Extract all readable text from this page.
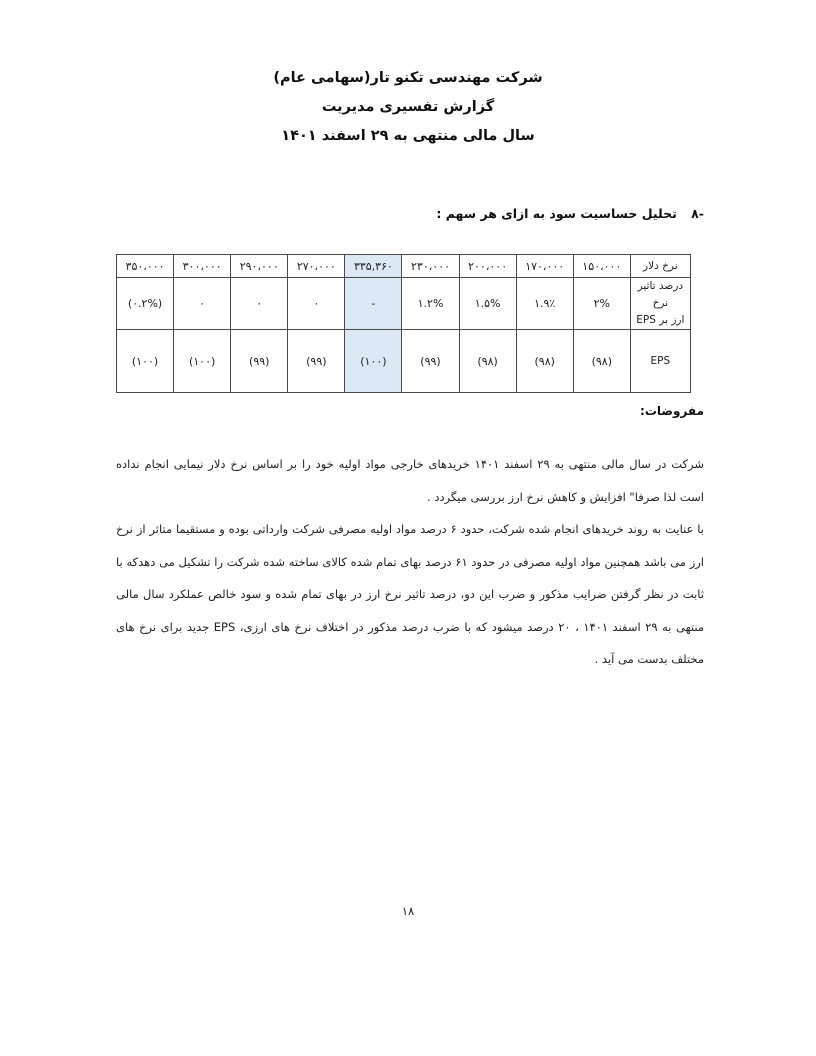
شرکت مهندسی تکنو تار(سهامی عام)
گزارش تفسیری مدیریت
سال مالی منتهی به ۲۹ اسفند ۱۴۰۱
-۸ تحلیل حساسیت سود به ازای هر سهم :
نرخ دلار	۱۵۰،۰۰۰	۱۷۰،۰۰۰	۲۰۰،۰۰۰	۲۳۰،۰۰۰	۳۳۵,۳۶۰	۲۷۰،۰۰۰	۲۹۰،۰۰۰	۳۰۰،۰۰۰	۳۵۰،۰۰۰

درصد تاثیر نرخ
ارز بر EPS	۲%	۱.۹٪	۱.۵%	۱.۲%	-	۰	۰	۰	(۰.۲%)
EPS	(۹۸)	(۹۸)	(۹۸)	(۹۹)	(۱۰۰)	(۹۹)	(۹۹)	(۱۰۰)	(۱۰۰)
مفروضات:

شرکت در سال مالی منتهی به ۲۹ اسفند ۱۴۰۱ خریدهای خارجی مواد اولیه خود را بر اساس نرخ دلار نیمایی انجام نداده است لذا صرفا" افزایش و کاهش نرخ ارز بررسی میگردد .

با عنایت به روند خریدهای انجام شده شرکت، حدود ۶ درصد مواد اولیه مصرفی شرکت وارداتی بوده و مستقیما متاثر از نرخ ارز می باشد همچنین مواد اولیه مصرفی در حدود ۶۱ درصد بهای تمام شده کالای ساخته شده شرکت را تشکیل می دهدکه با ثابت در نظر گرفتن ضرایب مذکور و ضرب این دو، درصد تاثیر نرخ ارز در بهای تمام شده و سود خالص عملکرد سال مالی منتهی به ۲۹ اسفند ۱۴۰۱ ، ۲۰ درصد میشود که با ضرب درصد مذکور در اختلاف نرخ های ارزی، EPS جدید برای نرخ های مختلف بدست می آید .

۱۸
